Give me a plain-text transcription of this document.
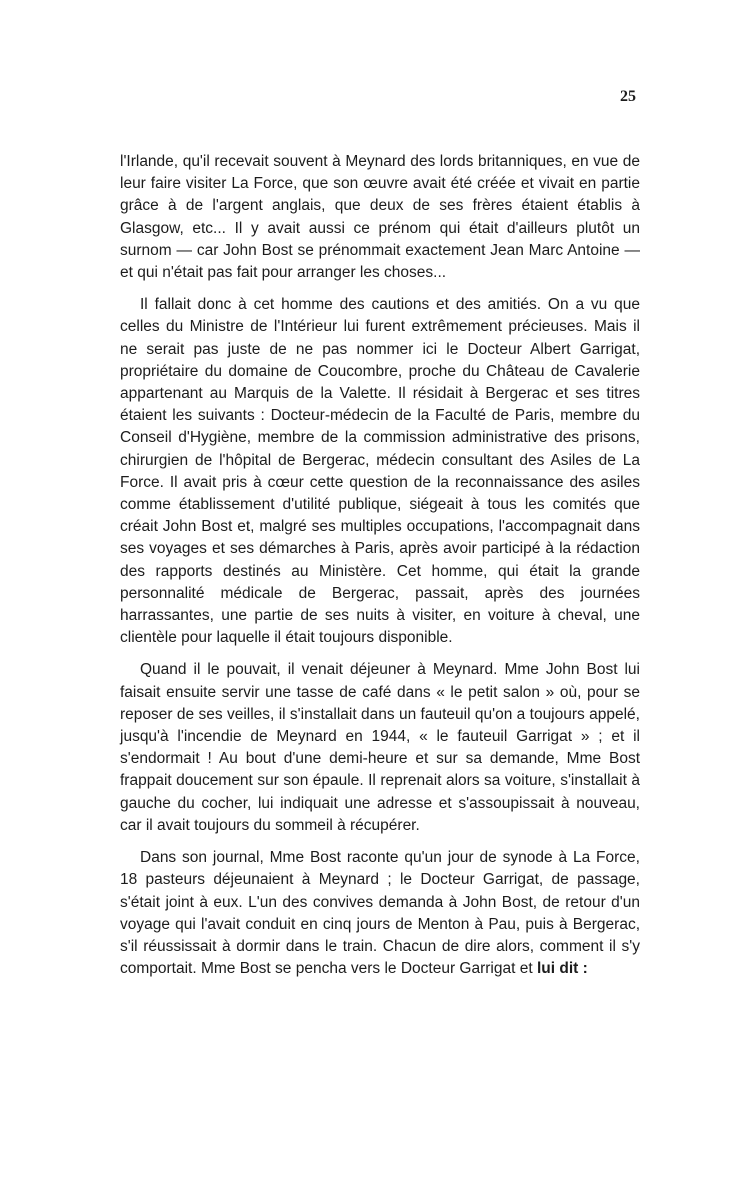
25

l'Irlande, qu'il recevait souvent à Meynard des lords britanniques, en vue de leur faire visiter La Force, que son œuvre avait été créée et vivait en partie grâce à de l'argent anglais, que deux de ses frères étaient établis à Glasgow, etc... Il y avait aussi ce prénom qui était d'ailleurs plutôt un surnom — car John Bost se prénommait exactement Jean Marc Antoine — et qui n'était pas fait pour arranger les choses...

Il fallait donc à cet homme des cautions et des amitiés. On a vu que celles du Ministre de l'Intérieur lui furent extrêmement précieuses. Mais il ne serait pas juste de ne pas nommer ici le Docteur Albert Garrigat, propriétaire du domaine de Coucombre, proche du Château de Cavalerie appartenant au Marquis de la Valette. Il résidait à Bergerac et ses titres étaient les suivants : Docteur-médecin de la Faculté de Paris, membre du Conseil d'Hygiène, membre de la commission administrative des prisons, chirurgien de l'hôpital de Bergerac, médecin consultant des Asiles de La Force. Il avait pris à cœur cette question de la reconnaissance des asiles comme établissement d'utilité publique, siégeait à tous les comités que créait John Bost et, malgré ses multiples occupations, l'accompagnait dans ses voyages et ses démarches à Paris, après avoir participé à la rédaction des rapports destinés au Ministère. Cet homme, qui était la grande personnalité médicale de Bergerac, passait, après des journées harrassantes, une partie de ses nuits à visiter, en voiture à cheval, une clientèle pour laquelle il était toujours disponible.

Quand il le pouvait, il venait déjeuner à Meynard. Mme John Bost lui faisait ensuite servir une tasse de café dans « le petit salon » où, pour se reposer de ses veilles, il s'installait dans un fauteuil qu'on a toujours appelé, jusqu'à l'incendie de Meynard en 1944, « le fauteuil Garrigat » ; et il s'endormait ! Au bout d'une demi-heure et sur sa demande, Mme Bost frappait doucement sur son épaule. Il reprenait alors sa voiture, s'installait à gauche du cocher, lui indiquait une adresse et s'assoupissait à nouveau, car il avait toujours du sommeil à récupérer.

Dans son journal, Mme Bost raconte qu'un jour de synode à La Force, 18 pasteurs déjeunaient à Meynard ; le Docteur Garrigat, de passage, s'était joint à eux. L'un des convives demanda à John Bost, de retour d'un voyage qui l'avait conduit en cinq jours de Menton à Pau, puis à Bergerac, s'il réussissait à dormir dans le train. Chacun de dire alors, comment il s'y comportait. Mme Bost se pencha vers le Docteur Garrigat et lui dit :
